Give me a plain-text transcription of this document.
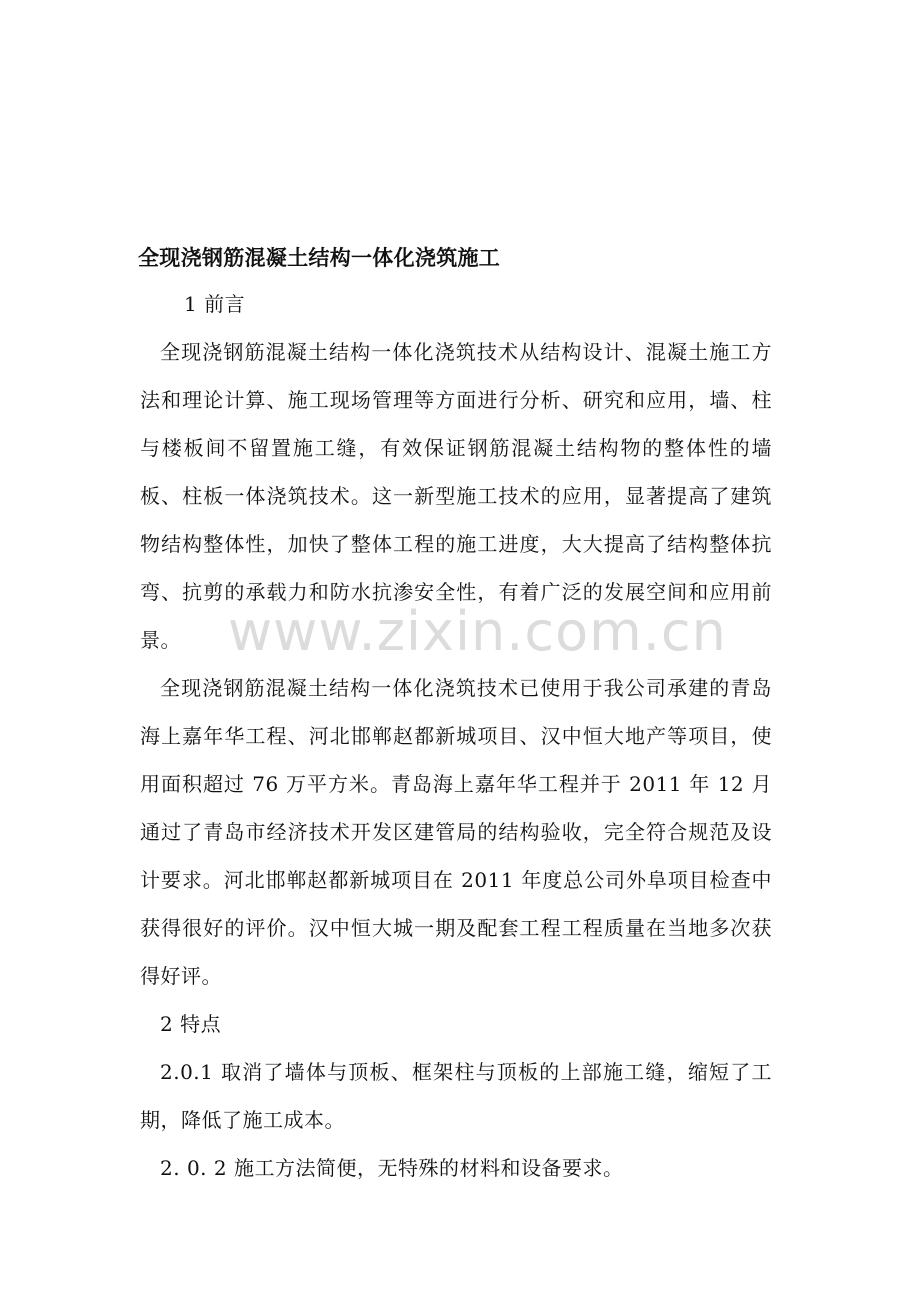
全现浇钢筋混凝土结构一体化浇筑施工

1 前言

全现浇钢筋混凝土结构一体化浇筑技术从结构设计、混凝土施工方法和理论计算、施工现场管理等方面进行分析、研究和应用，墙、柱与楼板间不留置施工缝，有效保证钢筋混凝土结构物的整体性的墙板、柱板一体浇筑技术。这一新型施工技术的应用，显著提高了建筑物结构整体性，加快了整体工程的施工进度，大大提高了结构整体抗弯、抗剪的承载力和防水抗渗安全性，有着广泛的发展空间和应用前景。

全现浇钢筋混凝土结构一体化浇筑技术已使用于我公司承建的青岛海上嘉年华工程、河北邯郸赵都新城项目、汉中恒大地产等项目，使用面积超过 76 万平方米。青岛海上嘉年华工程并于 2011 年 12 月通过了青岛市经济技术开发区建管局的结构验收，完全符合规范及设计要求。河北邯郸赵都新城项目在 2011 年度总公司外阜项目检查中获得很好的评价。汉中恒大城一期及配套工程工程质量在当地多次获得好评。

2 特点

2.0.1 取消了墙体与顶板、框架柱与顶板的上部施工缝，缩短了工期，降低了施工成本。

2. 0. 2 施工方法简便，无特殊的材料和设备要求。

www.zixin.com.cn
